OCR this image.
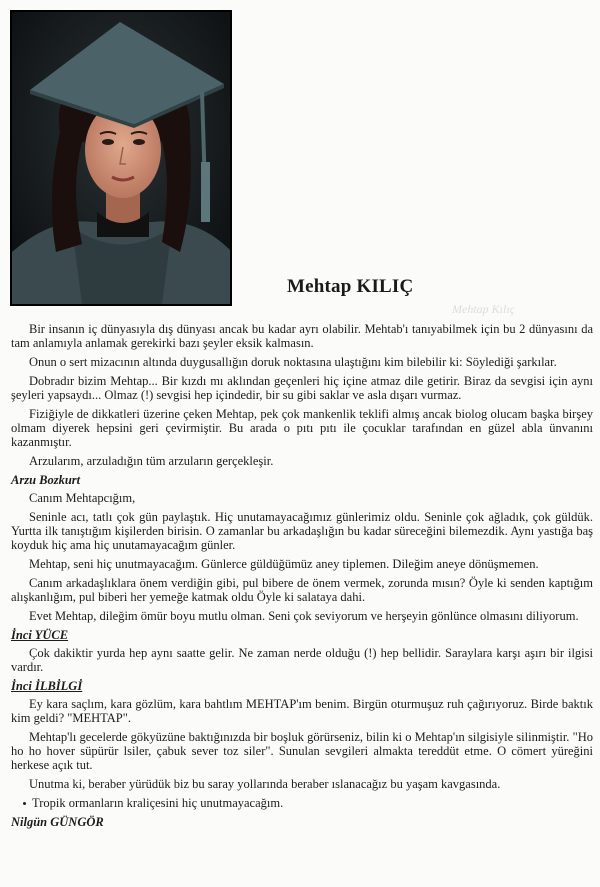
Mehtap KILIÇ
Mehtap Kılıç

Bir insanın iç dünyasıyla dış dünyası ancak bu kadar ayrı olabilir. Mehtab'ı tanıyabilmek için bu 2 dünyasını da tam anlamıyla anlamak gerekirki bazı şeyler eksik kalmasın.

Onun o sert mizacının altında duygusallığın doruk noktasına ulaştığını kim bilebilir ki: Söylediği şarkılar.

Dobradır bizim Mehtap... Bir kızdı mı aklından geçenleri hiç içine atmaz dile getirir. Biraz da sevgisi için aynı şeyleri yapsaydı... Olmaz (!) sevgisi hep içindedir, bir su gibi saklar ve asla dışarı vurmaz.

Fiziğiyle de dikkatleri üzerine çeken Mehtap, pek çok mankenlik teklifi almış ancak biolog olucam başka birşey olmam diyerek hepsini geri çevirmiştir. Bu arada o pıtı pıtı ile çocuklar tarafından en güzel abla ünvanını kazanmıştır.

Arzularım, arzuladığın tüm arzuların gerçekleşir.

Arzu Bozkurt

Canım Mehtapcığım,

Seninle acı, tatlı çok gün paylaştık. Hiç unutamayacağımız günlerimiz oldu. Seninle çok ağladık, çok güldük. Yurtta ilk tanıştığım kişilerden birisin. O zamanlar bu arkadaşlığın bu kadar süreceğini bilemezdik. Aynı yastığa baş koyduk hiç ama hiç unutamayacağım günler.

Mehtap, seni hiç unutmayacağım. Günlerce güldüğümüz aney tiplemen. Dileğim aneye dönüşmemen.

Canım arkadaşlıklara önem verdiğin gibi, pul bibere de önem vermek, zorunda mısın? Öyle ki senden kaptığım alışkanlığım, pul biberi her yemeğe katmak oldu Öyle ki salataya dahi.

Evet Mehtap, dileğim ömür boyu mutlu olman. Seni çok seviyorum ve herşeyin gönlünce olmasını diliyorum.

İnci YÜCE

Çok dakiktir yurda hep aynı saatte gelir. Ne zaman nerde olduğu (!) hep bellidir. Saraylara karşı aşırı bir ilgisi vardır.

İnci İLBİLGİ

Ey kara saçlım, kara gözlüm, kara bahtlım MEHTAP'ım benim. Birgün oturmuşuz ruh çağırıyoruz. Birde baktık kim geldi? "MEHTAP".

Mehtap'lı gecelerde gökyüzüne baktığınızda bir boşluk görürseniz, bilin ki o Mehtap'ın silgisiyle silinmiştir. "Ho ho ho hover süpürür lsiler, çabuk sever toz siler". Sunulan sevgileri almakta tereddüt etme. O cömert yüreğini herkese açık tut.

Unutma ki, beraber yürüdük biz bu saray yollarında beraber ıslanacağız bu yaşam kavgasında.

Tropik ormanların kraliçesini hiç unutmayacağım.

Nilgün GÜNGÖR
